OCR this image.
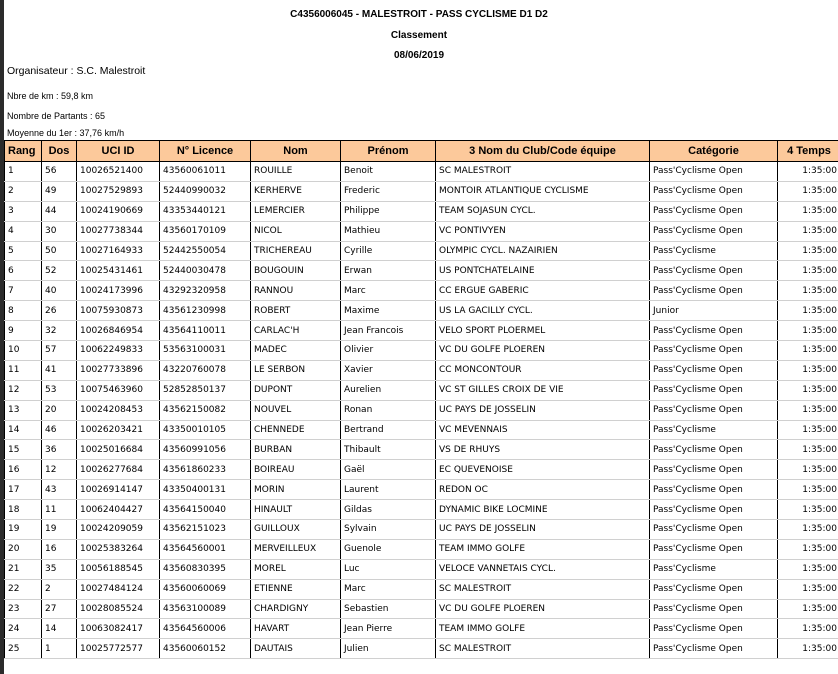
C4356006045 - MALESTROIT - PASS CYCLISME D1 D2
Classement
08/06/2019
Organisateur : S.C. Malestroit
Nbre de km : 59,8 km
Nombre de Partants : 65
Moyenne du 1er : 37,76 km/h
Rang	Dos	UCI ID	N° Licence	Nom	Prénom	3 Nom du Club/Code équipe	Catégorie	4 Temps
1	56	10026521400	43560061011	ROUILLE	Benoit	SC MALESTROIT	Pass'Cyclisme Open	1:35:00
2	49	10027529893	52440990032	KERHERVE	Frederic	MONTOIR ATLANTIQUE CYCLISME	Pass'Cyclisme Open	1:35:00
3	44	10024190669	43353440121	LEMERCIER	Philippe	TEAM SOJASUN CYCL.	Pass'Cyclisme Open	1:35:00
4	30	10027738344	43560170109	NICOL	Mathieu	VC PONTIVYEN	Pass'Cyclisme Open	1:35:00
5	50	10027164933	52442550054	TRICHEREAU	Cyrille	OLYMPIC CYCL. NAZAIRIEN	Pass'Cyclisme	1:35:00
6	52	10025431461	52440030478	BOUGOUIN	Erwan	US PONTCHATELAINE	Pass'Cyclisme Open	1:35:00
7	40	10024173996	43292320958	RANNOU	Marc	CC ERGUE GABERIC	Pass'Cyclisme Open	1:35:00
8	26	10075930873	43561230998	ROBERT	Maxime	US LA GACILLY CYCL.	Junior	1:35:00
9	32	10026846954	43564110011	CARLAC'H	Jean Francois	VELO SPORT PLOERMEL	Pass'Cyclisme Open	1:35:00
10	57	10062249833	53563100031	MADEC	Olivier	VC DU GOLFE PLOEREN	Pass'Cyclisme Open	1:35:00
11	41	10027733896	43220760078	LE SERBON	Xavier	CC MONCONTOUR	Pass'Cyclisme Open	1:35:00
12	53	10075463960	52852850137	DUPONT	Aurelien	VC ST GILLES CROIX DE VIE	Pass'Cyclisme Open	1:35:00
13	20	10024208453	43562150082	NOUVEL	Ronan	UC PAYS DE JOSSELIN	Pass'Cyclisme Open	1:35:00
14	46	10026203421	43350010105	CHENNEDE	Bertrand	VC MEVENNAIS	Pass'Cyclisme	1:35:00
15	36	10025016684	43560991056	BURBAN	Thibault	VS DE RHUYS	Pass'Cyclisme Open	1:35:00
16	12	10026277684	43561860233	BOIREAU	Gaël	EC QUEVENOISE	Pass'Cyclisme Open	1:35:00
17	43	10026914147	43350400131	MORIN	Laurent	REDON OC	Pass'Cyclisme Open	1:35:00
18	11	10062404427	43564150040	HINAULT	Gildas	DYNAMIC BIKE LOCMINE	Pass'Cyclisme Open	1:35:00
19	19	10024209059	43562151023	GUILLOUX	Sylvain	UC PAYS DE JOSSELIN	Pass'Cyclisme Open	1:35:00
20	16	10025383264	43564560001	MERVEILLEUX	Guenole	TEAM IMMO GOLFE	Pass'Cyclisme Open	1:35:00
21	35	10056188545	43560830395	MOREL	Luc	VELOCE VANNETAIS CYCL.	Pass'Cyclisme	1:35:00
22	2	10027484124	43560060069	ETIENNE	Marc	SC MALESTROIT	Pass'Cyclisme Open	1:35:00
23	27	10028085524	43563100089	CHARDIGNY	Sebastien	VC DU GOLFE PLOEREN	Pass'Cyclisme Open	1:35:00
24	14	10063082417	43564560006	HAVART	Jean Pierre	TEAM IMMO GOLFE	Pass'Cyclisme Open	1:35:00
25	1	10025772577	43560060152	DAUTAIS	Julien	SC MALESTROIT	Pass'Cyclisme Open	1:35:00
